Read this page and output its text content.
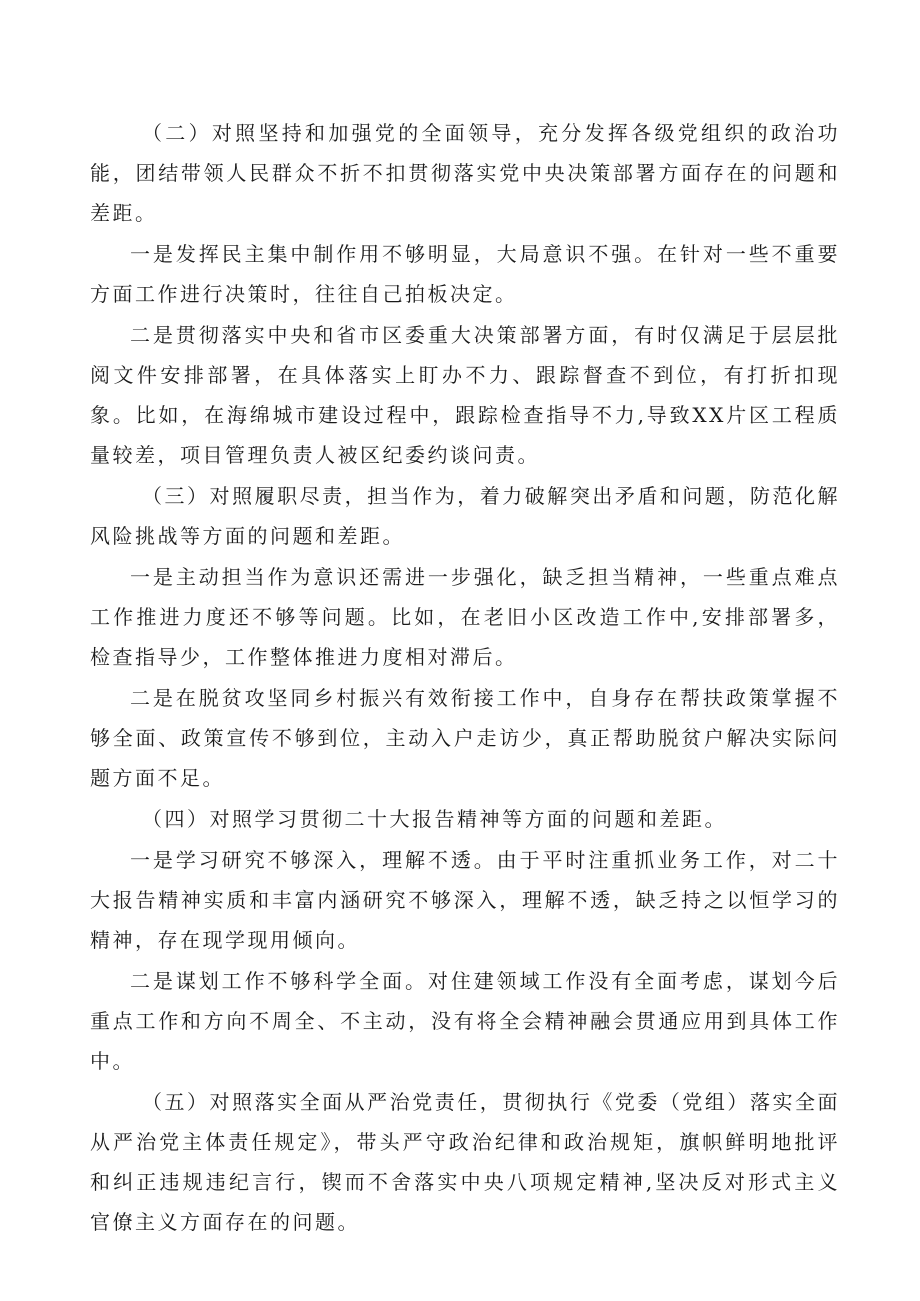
（二）对照坚持和加强党的全面领导，充分发挥各级党组织的政治功能，团结带领人民群众不折不扣贯彻落实党中央决策部署方面存在的问题和差距。

一是发挥民主集中制作用不够明显，大局意识不强。在针对一些不重要方面工作进行决策时，往往自己拍板决定。

二是贯彻落实中央和省市区委重大决策部署方面，有时仅满足于层层批阅文件安排部署，在具体落实上盯办不力、跟踪督查不到位，有打折扣现象。比如，在海绵城市建设过程中，跟踪检查指导不力,导致XX片区工程质量较差，项目管理负责人被区纪委约谈问责。

（三）对照履职尽责，担当作为，着力破解突出矛盾和问题，防范化解风险挑战等方面的问题和差距。

一是主动担当作为意识还需进一步强化，缺乏担当精神，一些重点难点工作推进力度还不够等问题。比如，在老旧小区改造工作中,安排部署多，检查指导少，工作整体推进力度相对滞后。

二是在脱贫攻坚同乡村振兴有效衔接工作中，自身存在帮扶政策掌握不够全面、政策宣传不够到位，主动入户走访少，真正帮助脱贫户解决实际问题方面不足。

（四）对照学习贯彻二十大报告精神等方面的问题和差距。

一是学习研究不够深入，理解不透。由于平时注重抓业务工作，对二十大报告精神实质和丰富内涵研究不够深入，理解不透，缺乏持之以恒学习的精神，存在现学现用倾向。

二是谋划工作不够科学全面。对住建领域工作没有全面考虑，谋划今后重点工作和方向不周全、不主动，没有将全会精神融会贯通应用到具体工作中。

（五）对照落实全面从严治党责任，贯彻执行《党委（党组）落实全面从严治党主体责任规定》，带头严守政治纪律和政治规矩，旗帜鲜明地批评和纠正违规违纪言行，锲而不舍落实中央八项规定精神,坚决反对形式主义官僚主义方面存在的问题。
